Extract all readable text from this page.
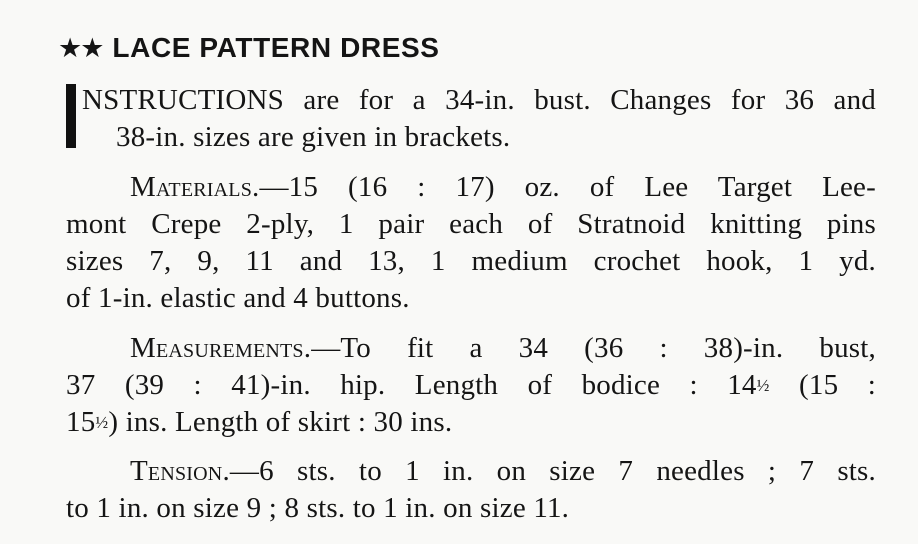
★★ LACE PATTERN DRESS
NSTRUCTIONS are for a 34-in. bust. Changes for 36 and
38-in. sizes are given in brackets.
Materials.—15 (16 : 17) oz. of Lee Target Lee-
mont Crepe 2-ply, 1 pair each of Stratnoid knitting pins
sizes 7, 9, 11 and 13, 1 medium crochet hook, 1 yd.
of 1-in. elastic and 4 buttons.
Measurements.—To fit a 34 (36 : 38)-in. bust,
37 (39 : 41)-in. hip. Length of bodice : 14½ (15 :
15½) ins. Length of skirt : 30 ins.
Tension.—6 sts. to 1 in. on size 7 needles ; 7 sts.
to 1 in. on size 9 ; 8 sts. to 1 in. on size 11.
